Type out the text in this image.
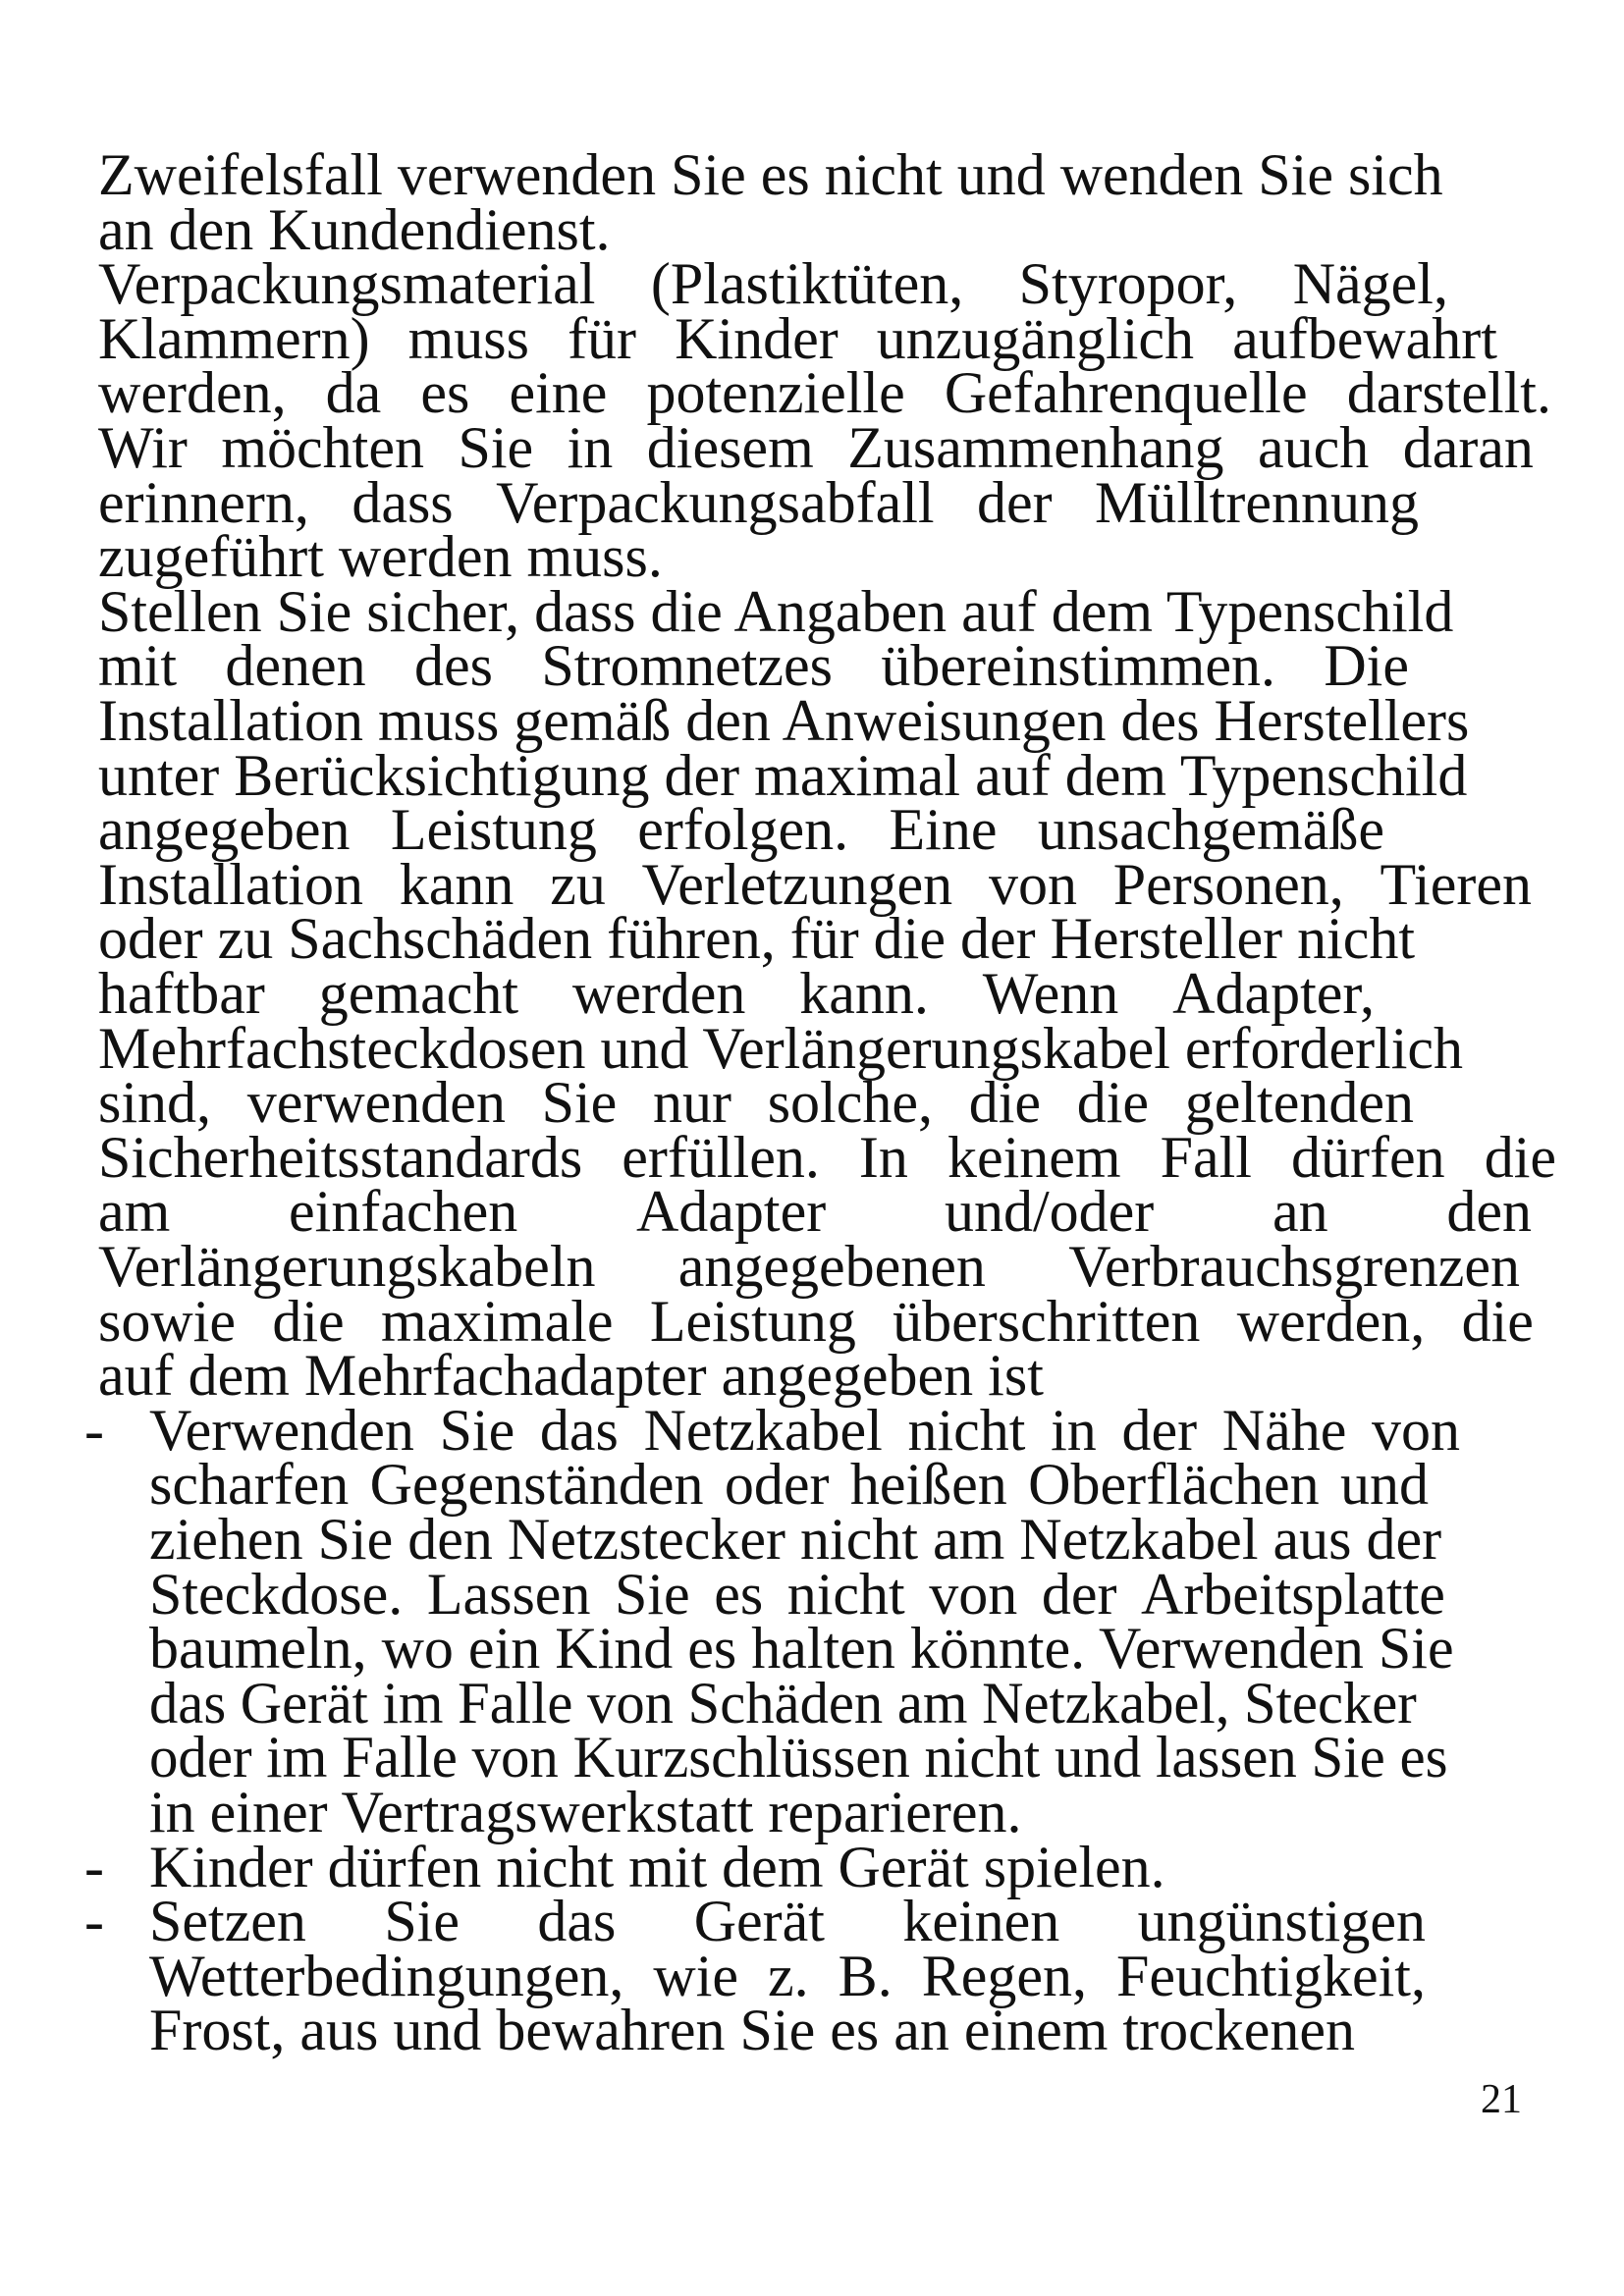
Zweifelsfall verwenden Sie es nicht und wenden Sie sich
an den Kundendienst.
Verpackungsmaterial (Plastiktüten, Styropor, Nägel,
Klammern) muss für Kinder unzugänglich aufbewahrt
werden, da es eine potenzielle Gefahrenquelle darstellt.
Wir möchten Sie in diesem Zusammenhang auch daran
erinnern, dass Verpackungsabfall der Mülltrennung
zugeführt werden muss.
Stellen Sie sicher, dass die Angaben auf dem Typenschild
mit denen des Stromnetzes übereinstimmen. Die
Installation muss gemäß den Anweisungen des Herstellers
unter Berücksichtigung der maximal auf dem Typenschild
angegeben Leistung erfolgen. Eine unsachgemäße
Installation kann zu Verletzungen von Personen, Tieren
oder zu Sachschäden führen, für die der Hersteller nicht
haftbar gemacht werden kann. Wenn Adapter,
Mehrfachsteckdosen und Verlängerungskabel erforderlich
sind, verwenden Sie nur solche, die die geltenden
Sicherheitsstandards erfüllen. In keinem Fall dürfen die
am einfachen Adapter und/oder an den
Verlängerungskabeln angegebenen Verbrauchsgrenzen
sowie die maximale Leistung überschritten werden, die
auf dem Mehrfachadapter angegeben ist
- Verwenden Sie das Netzkabel nicht in der Nähe von
scharfen Gegenständen oder heißen Oberflächen und
ziehen Sie den Netzstecker nicht am Netzkabel aus der
Steckdose. Lassen Sie es nicht von der Arbeitsplatte
baumeln, wo ein Kind es halten könnte. Verwenden Sie
das Gerät im Falle von Schäden am Netzkabel, Stecker
oder im Falle von Kurzschlüssen nicht und lassen Sie es
in einer Vertragswerkstatt reparieren.
- Kinder dürfen nicht mit dem Gerät spielen.
- Setzen Sie das Gerät keinen ungünstigen
Wetterbedingungen, wie z. B. Regen, Feuchtigkeit,
Frost, aus und bewahren Sie es an einem trockenen
21
